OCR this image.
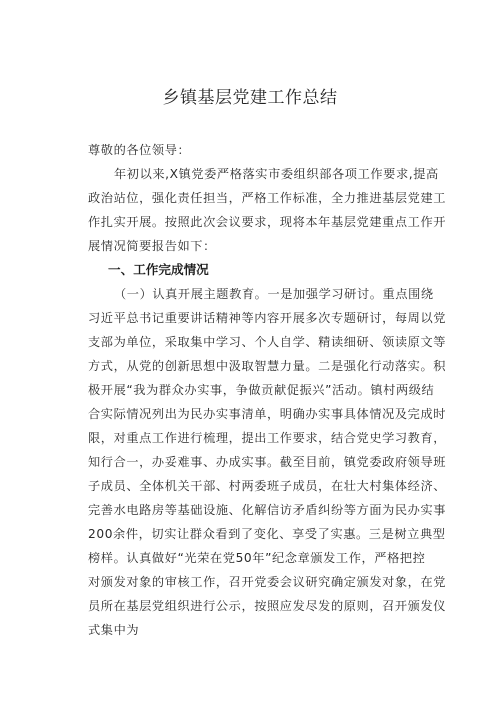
乡镇基层党建工作总结
尊敬的各位领导：
年初以来,X镇党委严格落实市委组织部各项工作要求,提高
政治站位，强化责任担当，严格工作标准，全力推进基层党建工
作扎实开展。按照此次会议要求，现将本年基层党建重点工作开
展情况简要报告如下：
一、工作完成情况
（一）认真开展主题教育。一是加强学习研讨。重点围绕
习近平总书记重要讲话精神等内容开展多次专题研讨，每周以党
支部为单位，采取集中学习、个人自学、精读细研、领读原文等
方式，从党的创新思想中汲取智慧力量。二是强化行动落实。积
极开展“我为群众办实事，争做贡献促振兴”活动。镇村两级结
合实际情况列出为民办实事清单，明确办实事具体情况及完成时
限，对重点工作进行梳理，提出工作要求，结合党史学习教育，
知行合一，办妥难事、办成实事。截至目前，镇党委政府领导班
子成员、全体机关干部、村两委班子成员，在壮大村集体经济、
完善水电路房等基础设施、化解信访矛盾纠纷等方面为民办实事
200余件，切实让群众看到了变化、享受了实惠。三是树立典型
榜样。认真做好“光荣在党50年”纪念章颁发工作，严格把控
对颁发对象的审核工作，召开党委会议研究确定颁发对象，在党
员所在基层党组织进行公示，按照应发尽发的原则，召开颁发仪
式集中为
